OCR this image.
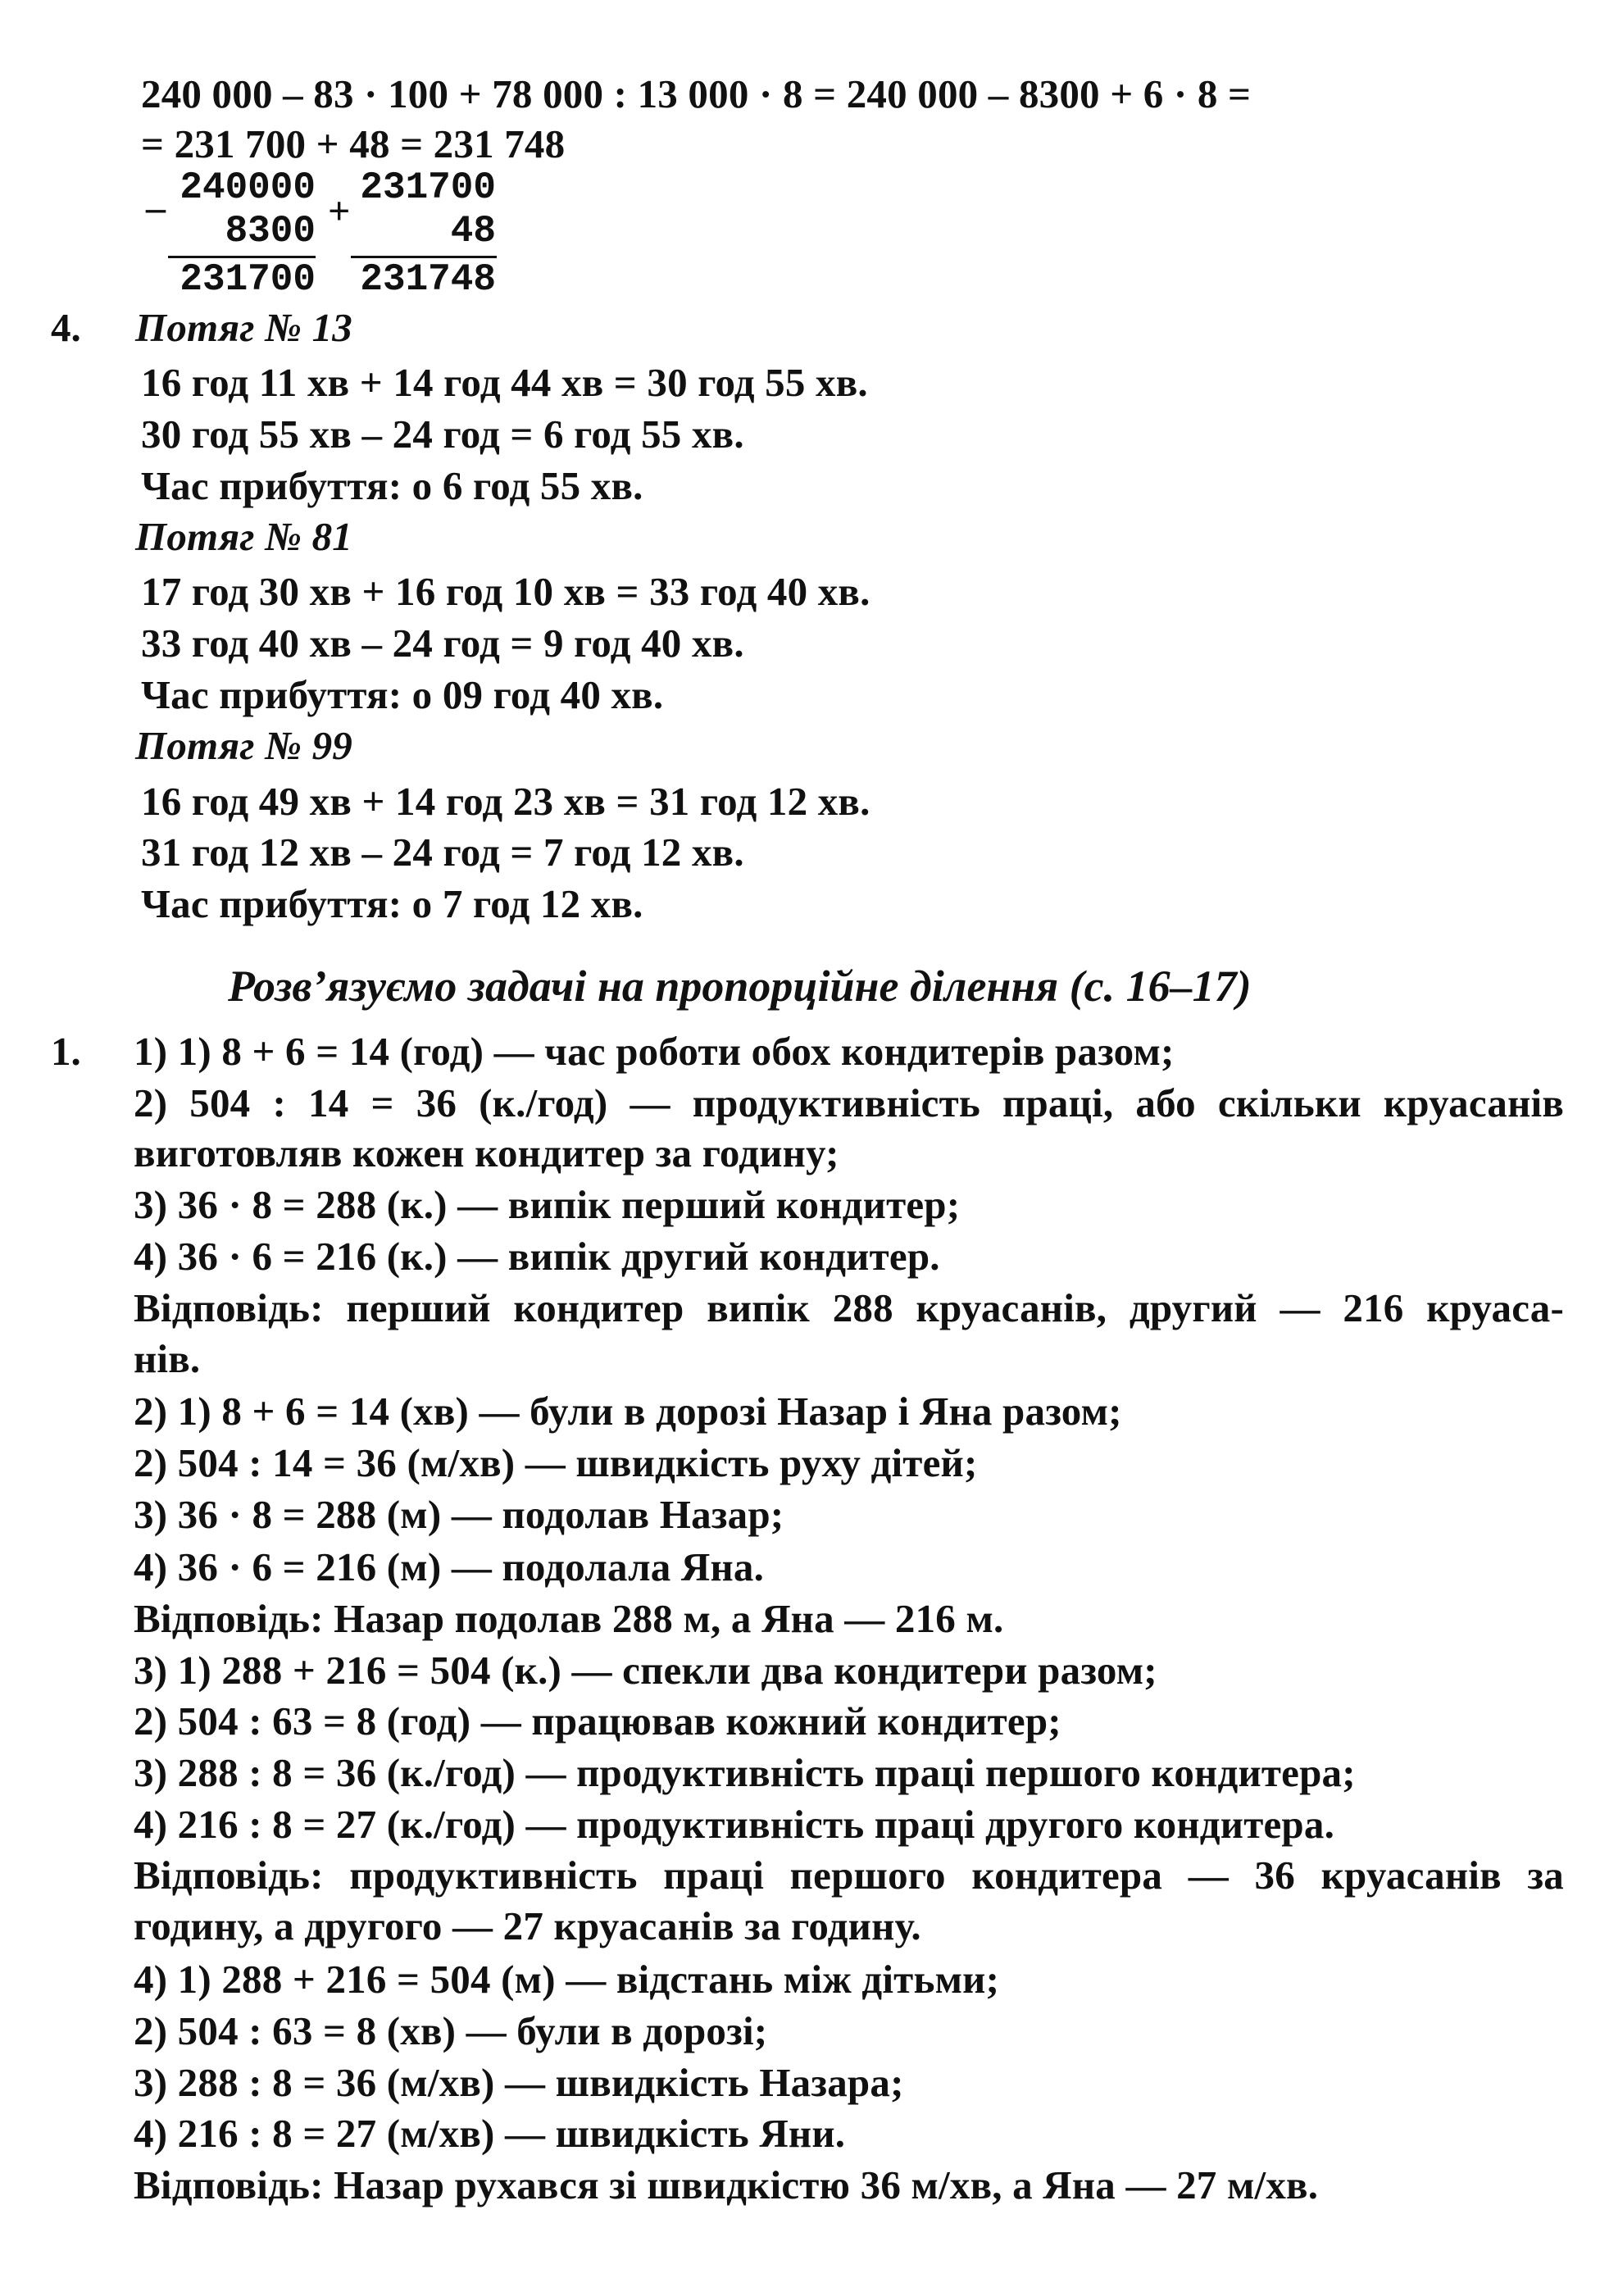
240 000 – 83 · 100 + 78 000 : 13 000 · 8 = 240 000 – 8300 + 6 · 8 =
= 231 700 + 48 = 231 748
– 240000
8300
231700
+
231700
48
231748
4. Потяг № 13
16 год 11 хв + 14 год 44 хв = 30 год 55 хв.
30 год 55 хв – 24 год = 6 год 55 хв.
Час прибуття: о 6 год 55 хв.
Потяг № 81
17 год 30 хв + 16 год 10 хв = 33 год 40 хв.
33 год 40 хв – 24 год = 9 год 40 хв.
Час прибуття: о 09 год 40 хв.
Потяг № 99
16 год 49 хв + 14 год 23 хв = 31 год 12 хв.
31 год 12 хв – 24 год = 7 год 12 хв.
Час прибуття: о 7 год 12 хв.
Розв’язуємо задачі на пропорційне ділення (с. 16–17)
1. 1) 1) 8 + 6 = 14 (год) — час роботи обох кондитерів разом;
2) 504 : 14 = 36 (к./год) — продуктивність праці, або скільки круасанів
виготовляв кожен кондитер за годину;
3) 36 · 8 = 288 (к.) — випік перший кондитер;
4) 36 · 6 = 216 (к.) — випік другий кондитер.
Відповідь: перший кондитер випік 288 круасанів, другий — 216 круаса-
нів.
2) 1) 8 + 6 = 14 (хв) — були в дорозі Назар і Яна разом;
2) 504 : 14 = 36 (м/хв) — швидкість руху дітей;
3) 36 · 8 = 288 (м) — подолав Назар;
4) 36 · 6 = 216 (м) — подолала Яна.
Відповідь: Назар подолав 288 м, а Яна — 216 м.
3) 1) 288 + 216 = 504 (к.) — спекли два кондитери разом;
2) 504 : 63 = 8 (год) — працював кожний кондитер;
3) 288 : 8 = 36 (к./год) — продуктивність праці першого кондитера;
4) 216 : 8 = 27 (к./год) — продуктивність праці другого кондитера.
Відповідь: продуктивність праці першого кондитера — 36 круасанів за
годину, а другого — 27 круасанів за годину.
4) 1) 288 + 216 = 504 (м) — відстань між дітьми;
2) 504 : 63 = 8 (хв) — були в дорозі;
3) 288 : 8 = 36 (м/хв) — швидкість Назара;
4) 216 : 8 = 27 (м/хв) — швидкість Яни.
Відповідь: Назар рухався зі швидкістю 36 м/хв, а Яна — 27 м/хв.
